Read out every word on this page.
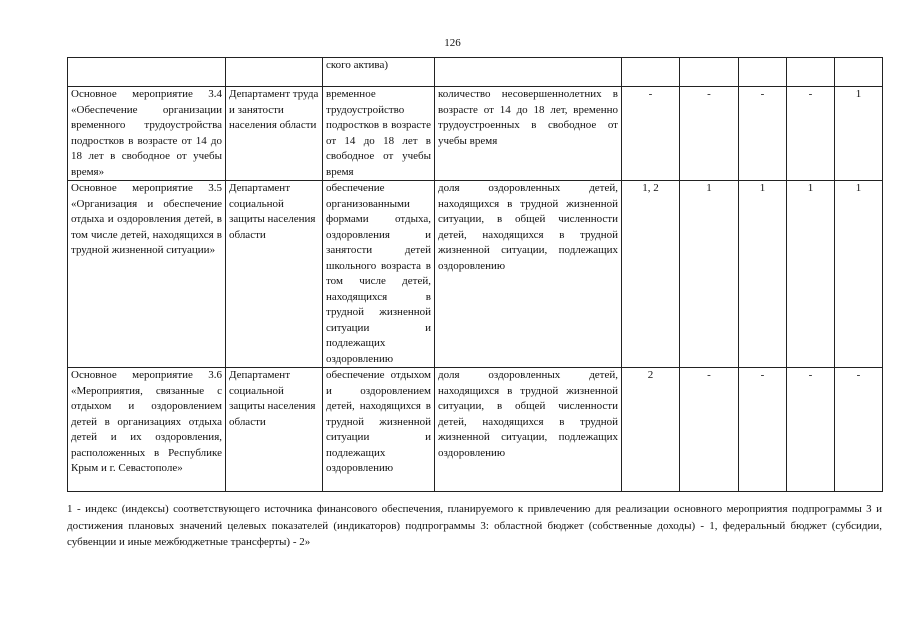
126
		ского актива)						
Основное мероприятие 3.4 «Обеспечение организации временного трудоустройства подростков в возрасте от 14 до 18 лет в свободное от учебы время»	Департамент труда и занятости населения области	временное трудоустройство подростков в возрасте от 14 до 18 лет в свободное от учебы время	количество несовершеннолетних в возрасте от 14 до 18 лет, временно трудоустроенных в свободное от учебы время	-	-	-	-	1
Основное мероприятие 3.5 «Организация и обеспечение отдыха и оздоровления детей, в том числе детей, находящихся в трудной жизненной ситуации»	Департамент социальной защиты населения области	обеспечение организованными формами отдыха, оздоровления и занятости детей школьного возраста в том числе детей, находящихся в трудной жизненной ситуации и подлежащих оздоровлению	доля оздоровленных детей, находящихся в трудной жизненной ситуации, в общей численности детей, находящихся в трудной жизненной ситуации, подлежащих оздоровлению	1, 2	1	1	1	1
Основное мероприятие 3.6 «Мероприятия, связанные с отдыхом и оздоровлением детей в организациях отдыха детей и их оздоровления, расположенных в Республике Крым и г. Севастополе»	Департамент социальной защиты населения области	обеспечение отдыхом и оздоровлением детей, находящихся в трудной жизненной ситуации и подлежащих оздоровлению	доля оздоровленных детей, находящихся в трудной жизненной ситуации, в общей численности детей, находящихся в трудной жизненной ситуации, подлежащих оздоровлению	2	-	-	-	-
1 - индекс (индексы) соответствующего источника финансового обеспечения, планируемого к привлечению для реализации основного мероприятия подпрограммы 3 и достижения плановых значений целевых показателей (индикаторов) подпрограммы 3: областной бюджет (собственные доходы) - 1, федеральный бюджет (субсидии, субвенции и иные межбюджетные трансферты) - 2»
